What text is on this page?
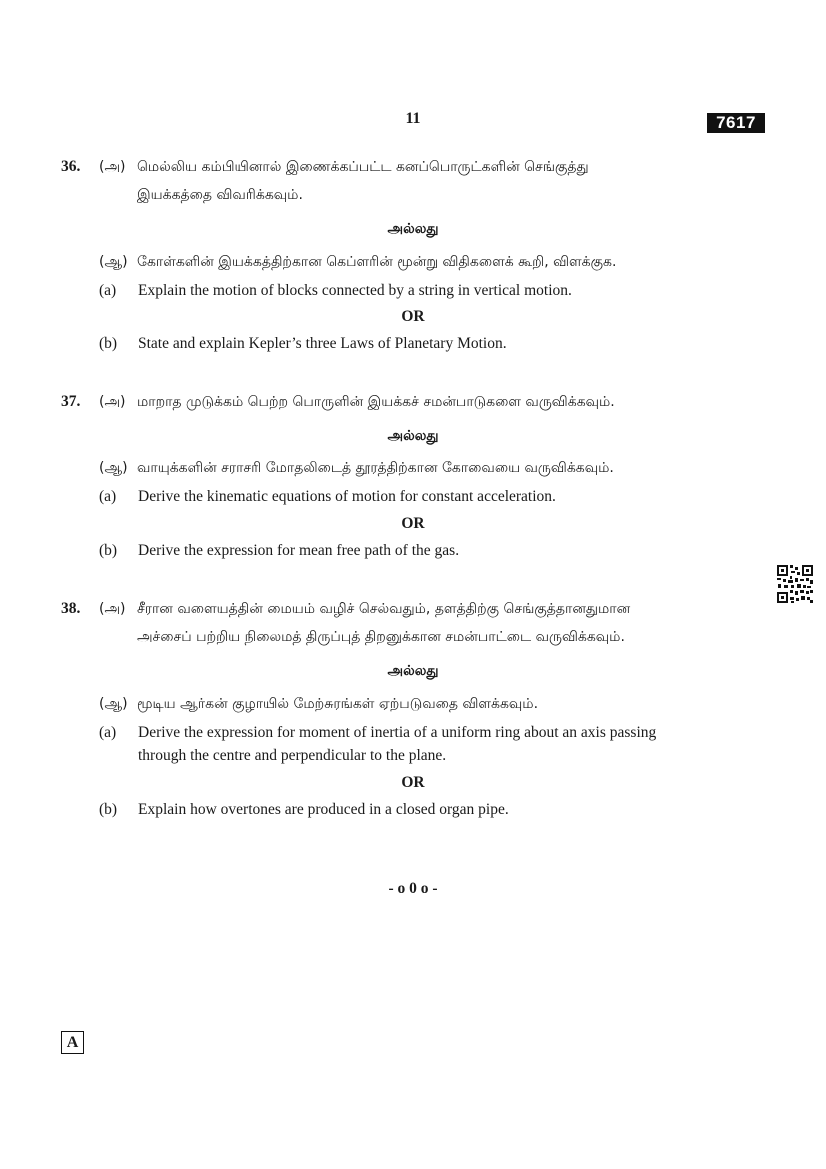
11	7617
36. (அ) மெல்லிய கம்பியினால் இணைக்கப்பட்ட கனப்பொருட்களின் செங்குத்து
இயக்கத்தை விவரிக்கவும்.
அல்லது
(ஆ) கோள்களின் இயக்கத்திற்கான கெப்ளரின் மூன்று விதிகளைக் கூறி, விளக்குக.
(a) Explain the motion of blocks connected by a string in vertical motion.
OR
(b) State and explain Kepler’s three Laws of Planetary Motion.
37. (அ) மாறாத முடுக்கம் பெற்ற பொருளின் இயக்கச் சமன்பாடுகளை வருவிக்கவும்.
அல்லது
(ஆ) வாயுக்களின் சராசரி மோதலிடைத் தூரத்திற்கான கோவையை வருவிக்கவும்.
(a) Derive the kinematic equations of motion for constant acceleration.
OR
(b) Derive the expression for mean free path of the gas.
38. (அ) சீரான வளையத்தின் மையம் வழிச் செல்வதும், தளத்திற்கு செங்குத்தானதுமான
அச்சைப் பற்றிய நிலைமத் திருப்புத் திறனுக்கான சமன்பாட்டை வருவிக்கவும்.
அல்லது
(ஆ) மூடிய ஆர்கன் குழாயில் மேற்சுரங்கள் ஏற்படுவதை விளக்கவும்.
(a) Derive the expression for moment of inertia of a uniform ring about an axis passing
through the centre and perpendicular to the plane.
OR
(b) Explain how overtones are produced in a closed organ pipe.
- o 0 o -
A
